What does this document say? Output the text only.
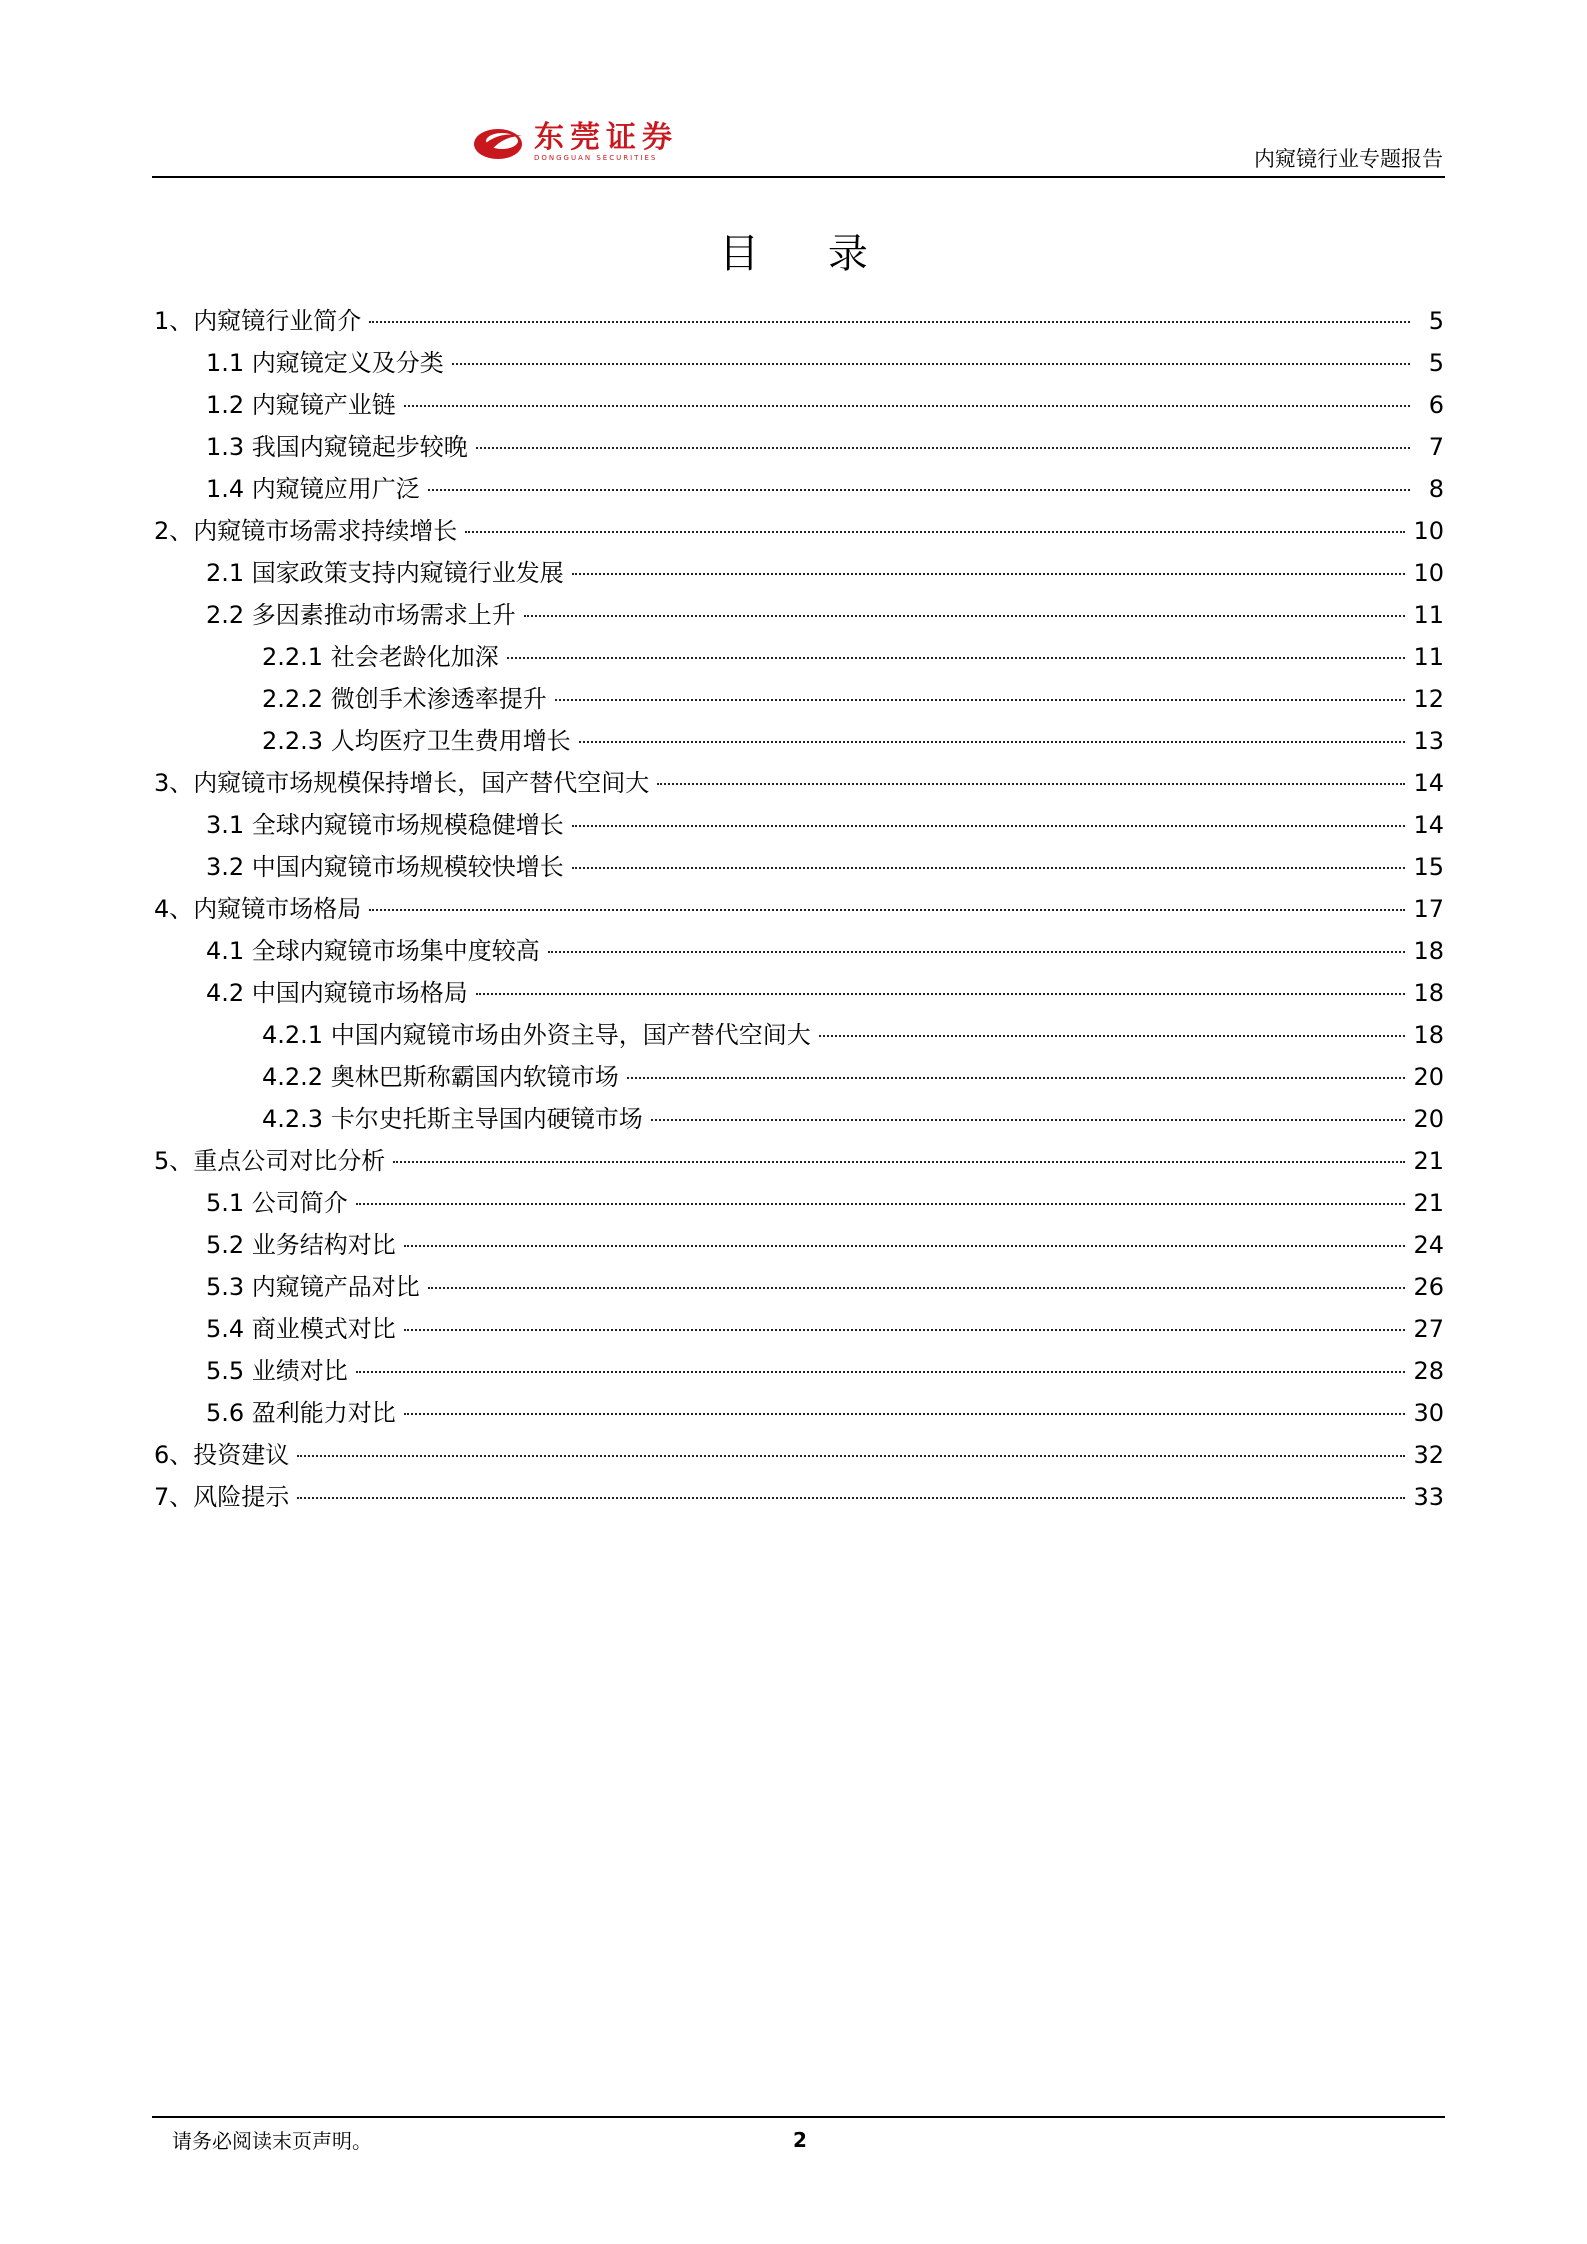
东莞证券
DONGGUAN SECURITIES	内窥镜行业专题报告
目 录
1、 内窥镜行业简介	5
1.1 内窥镜定义及分类	5
1.2 内窥镜产业链	6
1.3 我国内窥镜起步较晚	7
1.4 内窥镜应用广泛	8
2、 内窥镜市场需求持续增长	10
2.1 国家政策支持内窥镜行业发展	10
2.2 多因素推动市场需求上升	11
2.2.1 社会老龄化加深	11
2.2.2 微创手术渗透率提升	12
2.2.3 人均医疗卫生费用增长	13
3、 内窥镜市场规模保持增长，国产替代空间大	14
3.1 全球内窥镜市场规模稳健增长	14
3.2 中国内窥镜市场规模较快增长	15
4、 内窥镜市场格局	17
4.1 全球内窥镜市场集中度较高	18
4.2 中国内窥镜市场格局	18
4.2.1 中国内窥镜市场由外资主导，国产替代空间大	18
4.2.2 奥林巴斯称霸国内软镜市场	20
4.2.3 卡尔史托斯主导国内硬镜市场	20
5、 重点公司对比分析	21
5.1 公司简介	21
5.2 业务结构对比	24
5.3 内窥镜产品对比	26
5.4 商业模式对比	27
5.5 业绩对比	28
5.6 盈利能力对比	30
6、 投资建议	32
7、 风险提示	33
请务必阅读末页声明。	2
